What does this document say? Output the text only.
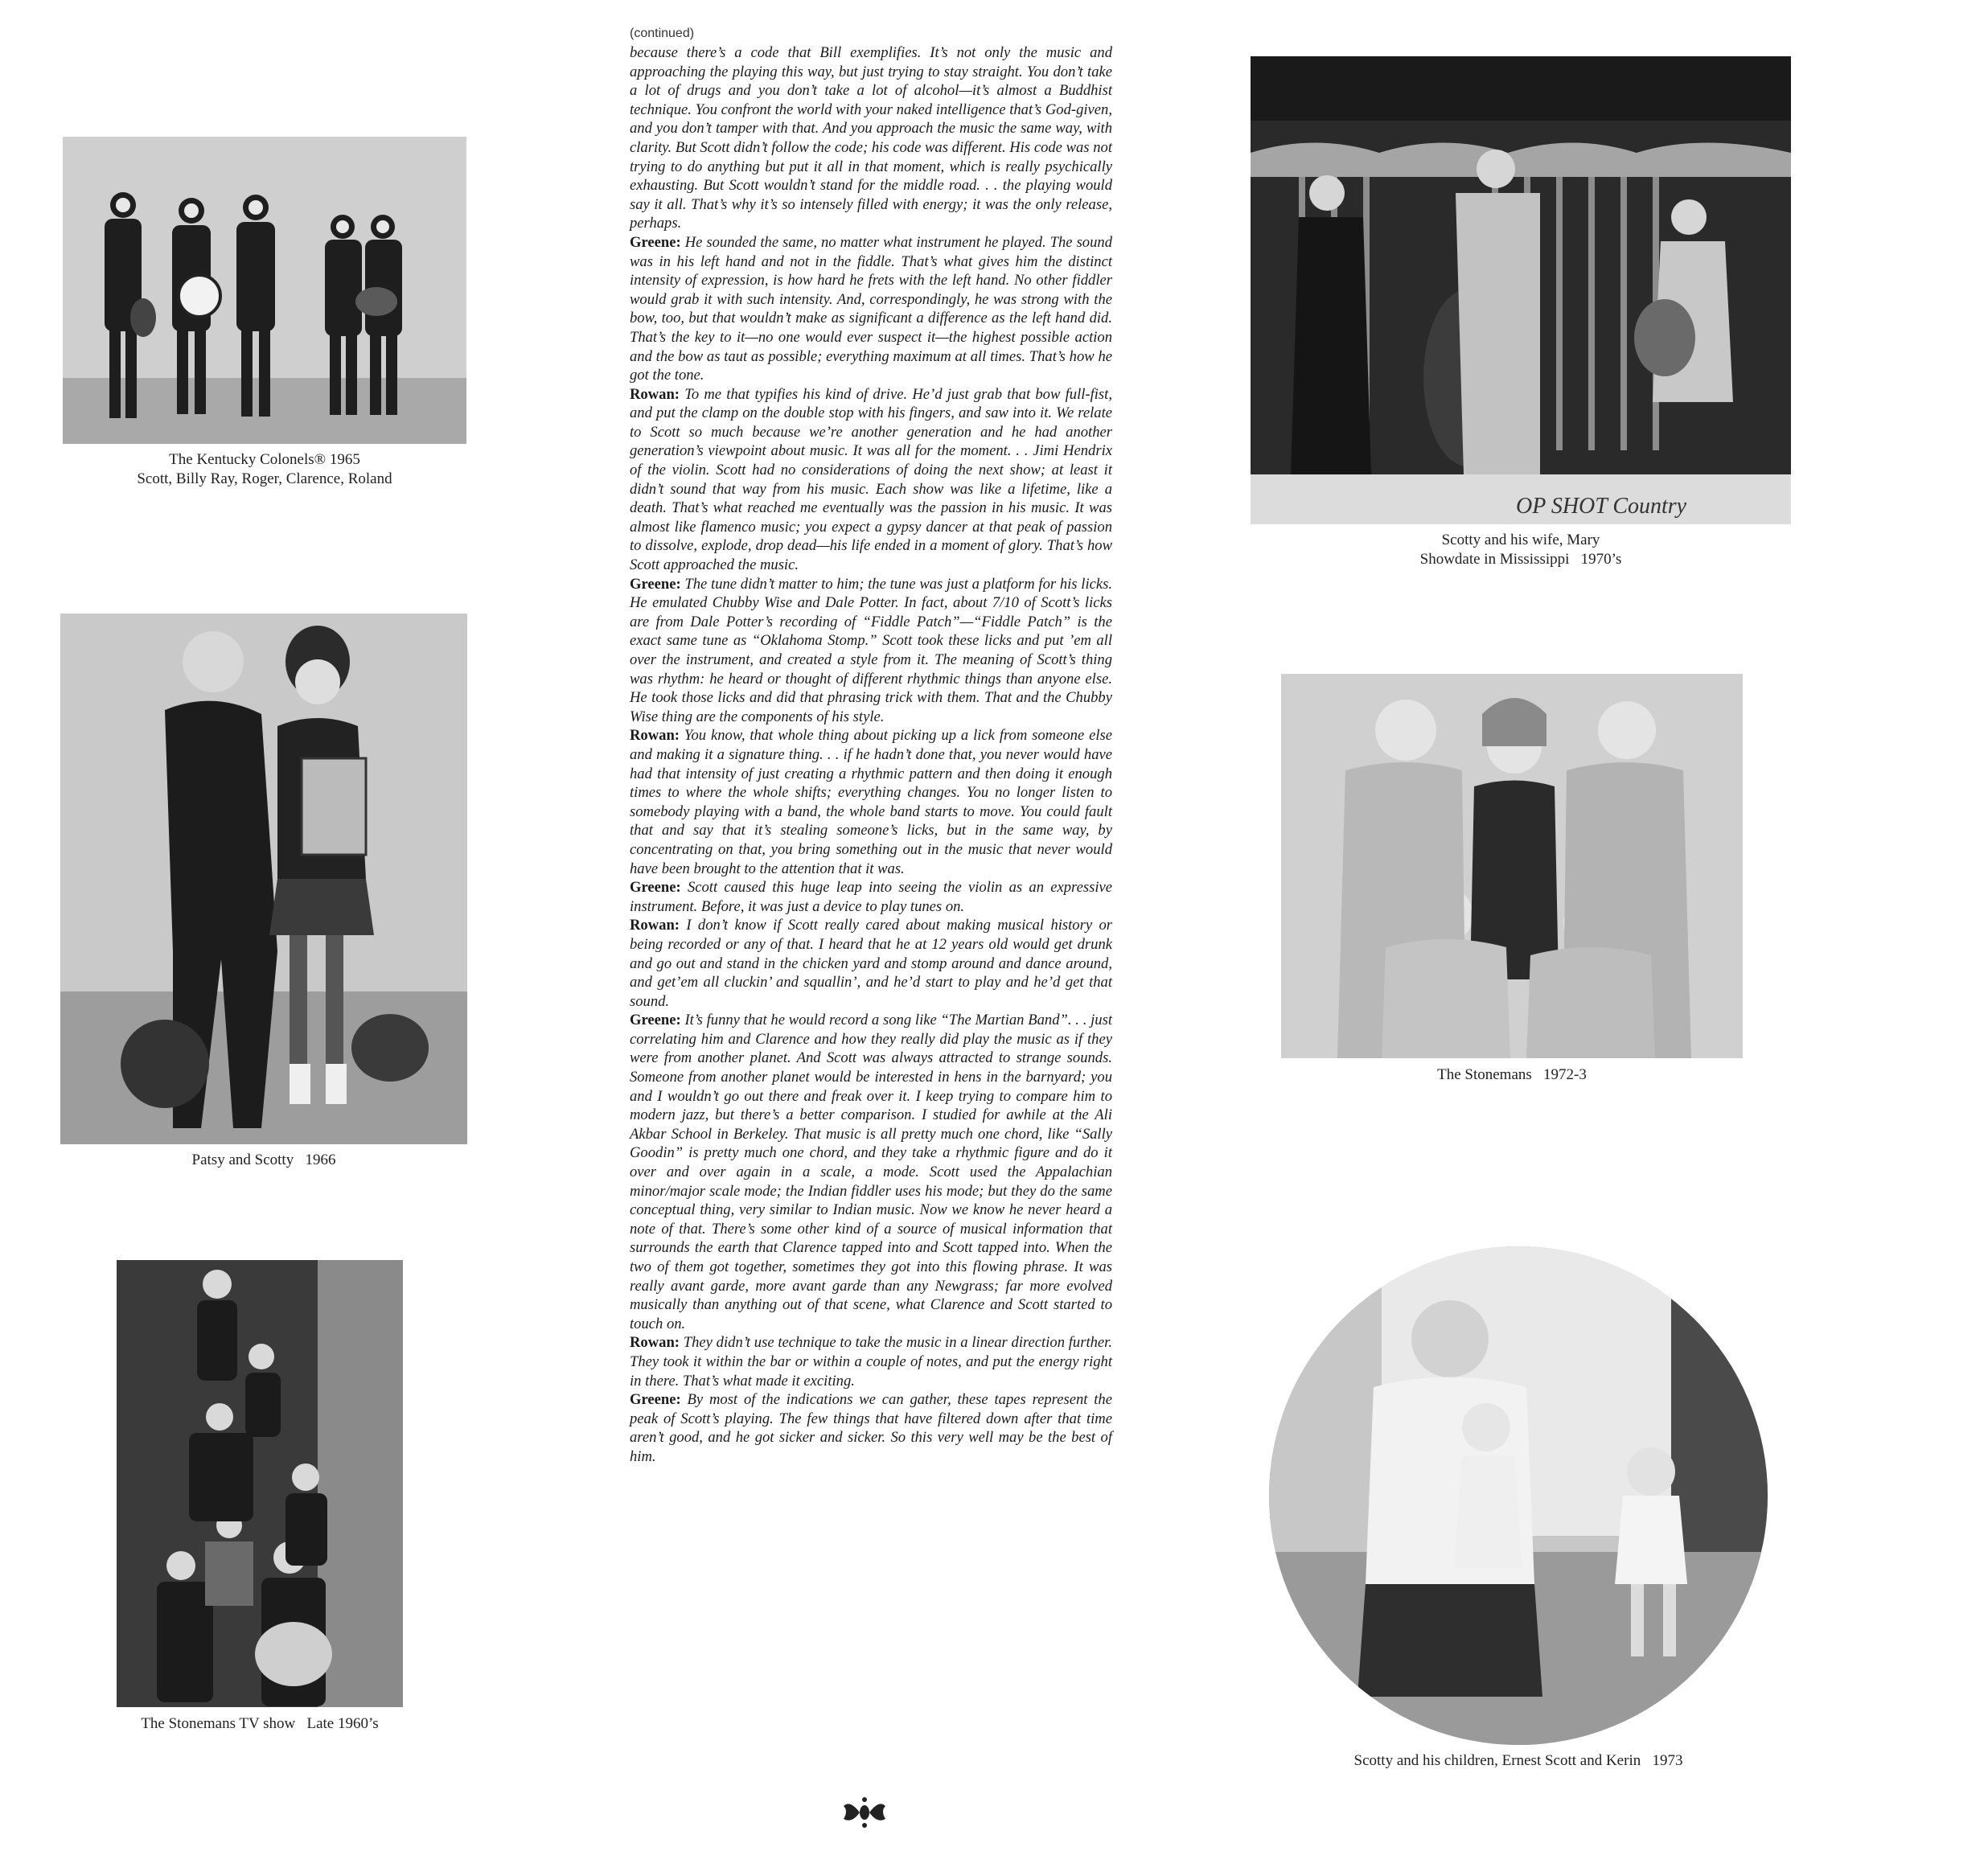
The Kentucky Colonels® 1965
Scott, Billy Ray, Roger, Clarence, Roland
Patsy and Scotty   1966
The Stonemans TV show   Late 1960’s
(continued)
because there’s a code that Bill exemplifies. It’s not only the music and approaching the playing this way, but just trying to stay straight. You don’t take a lot of drugs and you don’t take a lot of alcohol—it’s almost a Buddhist technique. You confront the world with your naked intelligence that’s God-given, and you don’t tamper with that. And you approach the music the same way, with clarity. But Scott didn’t follow the code; his code was different. His code was not trying to do anything but put it all in that moment, which is really psychically exhausting. But Scott wouldn’t stand for the middle road. . . the playing would say it all. That’s why it’s so intensely filled with energy; it was the only release, perhaps.
Greene: He sounded the same, no matter what instrument he played. The sound was in his left hand and not in the fiddle. That’s what gives him the distinct intensity of expression, is how hard he frets with the left hand. No other fiddler would grab it with such intensity. And, correspondingly, he was strong with the bow, too, but that wouldn’t make as significant a difference as the left hand did. That’s the key to it—no one would ever suspect it—the highest possible action and the bow as taut as possible; everything maximum at all times. That’s how he got the tone.
Rowan: To me that typifies his kind of drive. He’d just grab that bow full-fist, and put the clamp on the double stop with his fingers, and saw into it. We relate to Scott so much because we’re another generation and he had another generation’s viewpoint about music. It was all for the moment. . . Jimi Hendrix of the violin. Scott had no considerations of doing the next show; at least it didn’t sound that way from his music. Each show was like a lifetime, like a death. That’s what reached me eventually was the passion in his music. It was almost like flamenco music; you expect a gypsy dancer at that peak of passion to dissolve, explode, drop dead—his life ended in a moment of glory. That’s how Scott approached the music.
Greene: The tune didn’t matter to him; the tune was just a platform for his licks. He emulated Chubby Wise and Dale Potter. In fact, about 7/10 of Scott’s licks are from Dale Potter’s recording of “Fiddle Patch”—“Fiddle Patch” is the exact same tune as “Oklahoma Stomp.” Scott took these licks and put ’em all over the instrument, and created a style from it. The meaning of Scott’s thing was rhythm: he heard or thought of different rhythmic things than anyone else. He took those licks and did that phrasing trick with them. That and the Chubby Wise thing are the components of his style.
Rowan: You know, that whole thing about picking up a lick from someone else and making it a signature thing. . . if he hadn’t done that, you never would have had that intensity of just creating a rhythmic pattern and then doing it enough times to where the whole shifts; everything changes. You no longer listen to somebody playing with a band, the whole band starts to move. You could fault that and say that it’s stealing someone’s licks, but in the same way, by concentrating on that, you bring something out in the music that never would have been brought to the attention that it was.
Greene: Scott caused this huge leap into seeing the violin as an expressive instrument. Before, it was just a device to play tunes on.
Rowan: I don’t know if Scott really cared about making musical history or being recorded or any of that. I heard that he at 12 years old would get drunk and go out and stand in the chicken yard and stomp around and dance around, and get’em all cluckin’ and squallin’, and he’d start to play and he’d get that sound.
Greene: It’s funny that he would record a song like “The Martian Band”. . . just correlating him and Clarence and how they really did play the music as if they were from another planet. And Scott was always attracted to strange sounds. Someone from another planet would be interested in hens in the barnyard; you and I wouldn’t go out there and freak over it. I keep trying to compare him to modern jazz, but there’s a better comparison. I studied for awhile at the Ali Akbar School in Berkeley. That music is all pretty much one chord, like “Sally Goodin” is pretty much one chord, and they take a rhythmic figure and do it over and over again in a scale, a mode. Scott used the Appalachian minor/major scale mode; the Indian fiddler uses his mode; but they do the same conceptual thing, very similar to Indian music. Now we know he never heard a note of that. There’s some other kind of a source of musical information that surrounds the earth that Clarence tapped into and Scott tapped into. When the two of them got together, sometimes they got into this flowing phrase. It was really avant garde, more avant garde than any Newgrass; far more evolved musically than anything out of that scene, what Clarence and Scott started to touch on.
Rowan: They didn’t use technique to take the music in a linear direction further. They took it within the bar or within a couple of notes, and put the energy right in there. That’s what made it exciting.
Greene: By most of the indications we can gather, these tapes represent the peak of Scott’s playing. The few things that have filtered down after that time aren’t good, and he got sicker and sicker. So this very well may be the best of him.
OP SHOT Country
Scotty and his wife, Mary
Showdate in Mississippi   1970’s
The Stonemans   1972-3
Scotty and his children, Ernest Scott and Kerin   1973
